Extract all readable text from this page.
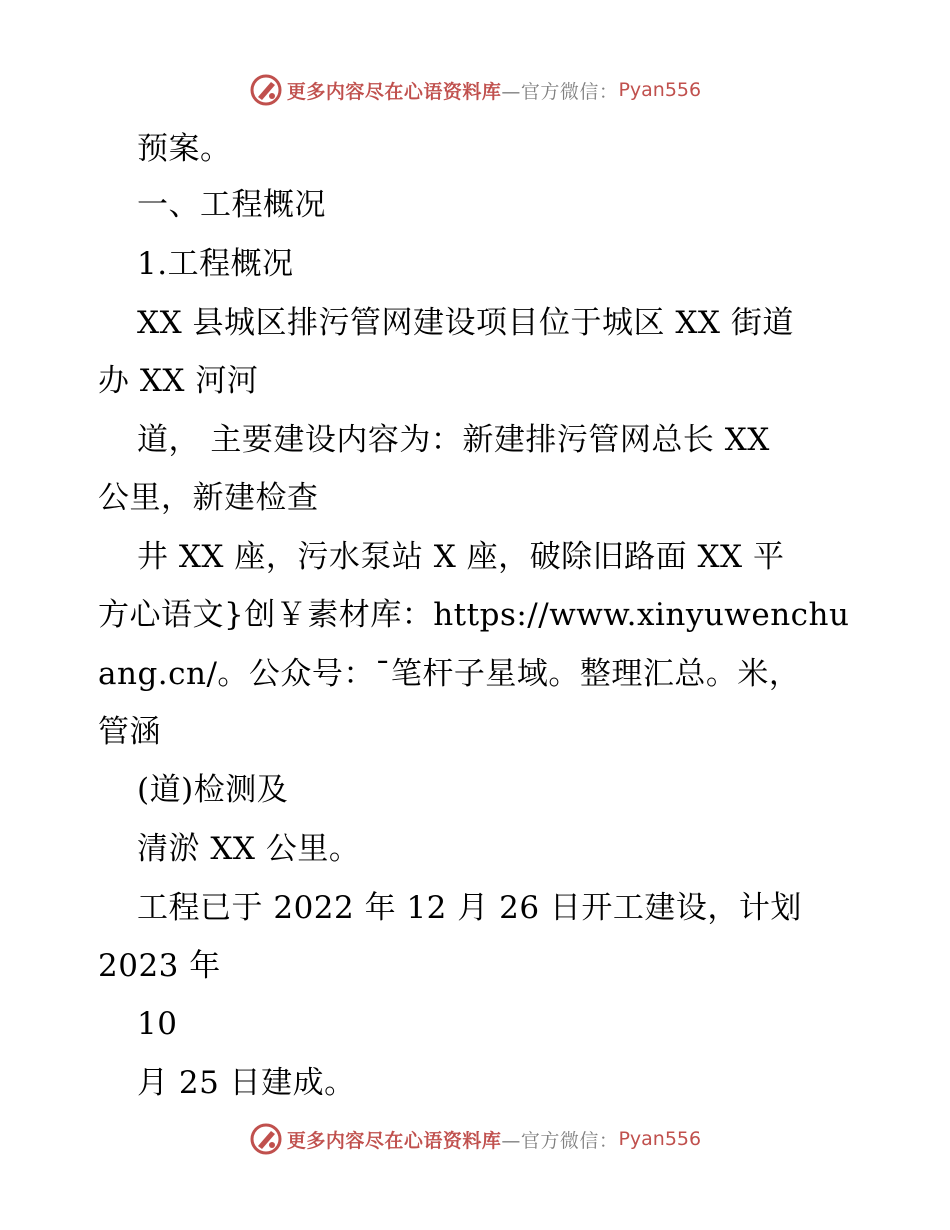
更多内容尽在心语资料库 —官方微信： Pyan556
预案。
一、工程概况
1.工程概况
XX 县城区排污管网建设项目位于城区 XX 街道
办 XX 河河
道， 主要建设内容为：新建排污管网总长 XX
公里，新建检查
井 XX 座，污水泵站 X 座，破除旧路面 XX 平
方心语文}创￥素材库：https://www.xinyuwenchu
ang.cn/。公众号：¯笔杆子星域。整理汇总。米，
管涵
(道)检测及
清淤 XX 公里。
工程已于 2022 年 12 月 26 日开工建设，计划
2023 年
10
月 25 日建成。
更多内容尽在心语资料库 —官方微信： Pyan556
